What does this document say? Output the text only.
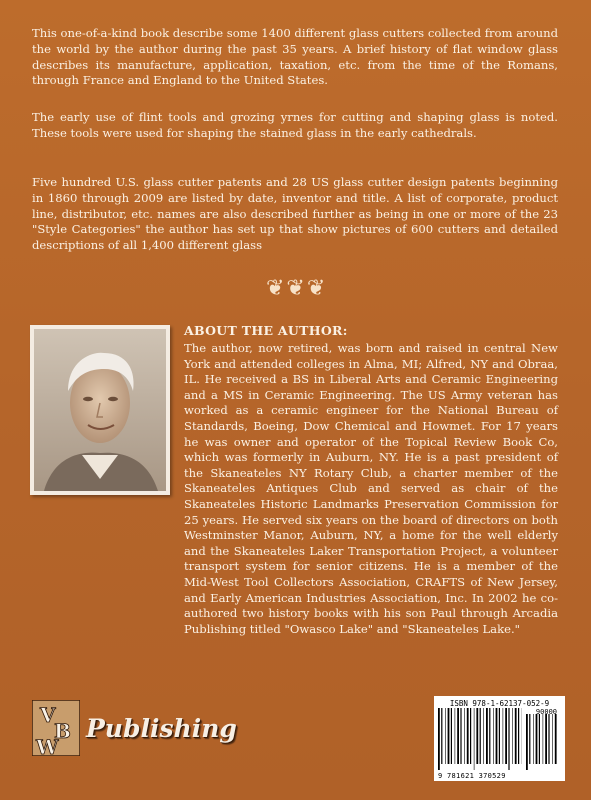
This one-of-a-kind book describe some 1400 different glass cutters collected from around the world by the author during the past 35 years. A brief history of flat window glass describes its manufacture, application, taxation, etc. from the time of the Romans, through France and England to the United States.

The early use of flint tools and grozing yrnes for cutting and shaping glass is noted. These tools were used for shaping the stained glass in the early cathedrals.

Five hundred U.S. glass cutter patents and 28 US glass cutter design patents beginning in 1860 through 2009 are listed by date, inventor and title. A list of corporate, product line, distributor, etc. names are also described further as being in one or more of the 23 "Style Categories" the author has set up that show pictures of 600 cutters and detailed descriptions of all 1,400 different glass

❦❦❦
ABOUT THE AUTHOR:

The author, now retired, was born and raised in central New York and attended colleges in Alma, MI; Alfred, NY and Obraa, IL. He received a BS in Liberal Arts and Ceramic Engineering and a MS in Ceramic Engineering. The US Army veteran has worked as a ceramic engineer for the National Bureau of Standards, Boeing, Dow Chemical and Howmet. For 17 years he was owner and operator of the Topical Review Book Co, which was formerly in Auburn, NY. He is a past president of the Skaneateles NY Rotary Club, a charter member of the Skaneateles Antiques Club and served as chair of the Skaneateles Historic Landmarks Preservation Commission for 25 years. He served six years on the board of directors on both Westminster Manor, Auburn, NY, a home for the well elderly and the Skaneateles Laker Transportation Project, a volunteer transport system for senior citizens. He is a member of the Mid-West Tool Collectors Association, CRAFTS of New Jersey, and Early American Industries Association, Inc. In 2002 he co-authored two history books with his son Paul through Arcadia Publishing titled "Owasco Lake" and "Skaneateles Lake."

V
B
W
Publishing
ISBN 978-1-62137-052-9
90000
9 781621 370529
